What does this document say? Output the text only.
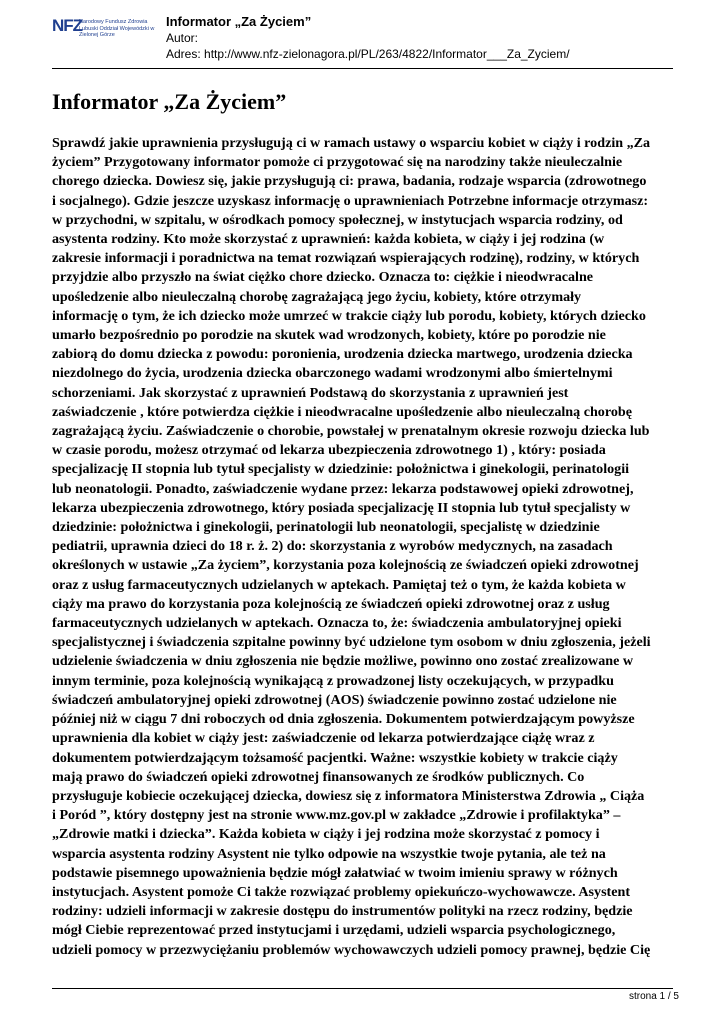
NFZ
Narodowy Fundusz Zdrowia Lubuski Oddział Wojewódzki w Zielonej Górze
Informator „Za Życiem”
Autor:
Adres: http://www.nfz-zielonagora.pl/PL/263/4822/Informator___Za_Zyciem/
Informator „Za Życiem”
Sprawdź jakie uprawnienia przysługują ci w ramach ustawy o wsparciu kobiet w ciąży i rodzin „Za
życiem” Przygotowany informator pomoże ci przygotować się na narodziny także nieuleczalnie
chorego dziecka. Dowiesz się, jakie przysługują ci: prawa, badania, rodzaje wsparcia (zdrowotnego
i socjalnego). Gdzie jeszcze uzyskasz informację o uprawnieniach Potrzebne informacje otrzymasz:
w przychodni, w szpitalu, w ośrodkach pomocy społecznej, w instytucjach wsparcia rodziny, od
asystenta rodziny. Kto może skorzystać z uprawnień: każda kobieta, w ciąży i jej rodzina (w
zakresie informacji i poradnictwa na temat rozwiązań wspierających rodzinę), rodziny, w których
przyjdzie albo przyszło na świat ciężko chore dziecko. Oznacza to: ciężkie i nieodwracalne
upośledzenie albo nieuleczalną chorobę zagrażającą jego życiu, kobiety, które otrzymały
informację o tym, że ich dziecko może umrzeć w trakcie ciąży lub porodu, kobiety, których dziecko
umarło bezpośrednio po porodzie na skutek wad wrodzonych, kobiety, które po porodzie nie
zabiorą do domu dziecka z powodu: poronienia, urodzenia dziecka martwego, urodzenia dziecka
niezdolnego do życia, urodzenia dziecka obarczonego wadami wrodzonymi albo śmiertelnymi
schorzeniami. Jak skorzystać z uprawnień Podstawą do skorzystania z uprawnień jest
zaświadczenie , które potwierdza ciężkie i nieodwracalne upośledzenie albo nieuleczalną chorobę
zagrażającą życiu. Zaświadczenie o chorobie, powstałej w prenatalnym okresie rozwoju dziecka lub
w czasie porodu, możesz otrzymać od lekarza ubezpieczenia zdrowotnego 1) , który: posiada
specjalizację II stopnia lub tytuł specjalisty w dziedzinie: położnictwa i ginekologii, perinatologii
lub neonatologii. Ponadto, zaświadczenie wydane przez: lekarza podstawowej opieki zdrowotnej,
lekarza ubezpieczenia zdrowotnego, który posiada specjalizację II stopnia lub tytuł specjalisty w
dziedzinie: położnictwa i ginekologii, perinatologii lub neonatologii, specjalistę w dziedzinie
pediatrii, uprawnia dzieci do 18 r. ż. 2) do: skorzystania z wyrobów medycznych, na zasadach
określonych w ustawie „Za życiem”, korzystania poza kolejnością ze świadczeń opieki zdrowotnej
oraz z usług farmaceutycznych udzielanych w aptekach. Pamiętaj też o tym, że każda kobieta w
ciąży ma prawo do korzystania poza kolejnością ze świadczeń opieki zdrowotnej oraz z usług
farmaceutycznych udzielanych w aptekach. Oznacza to, że: świadczenia ambulatoryjnej opieki
specjalistycznej i świadczenia szpitalne powinny być udzielone tym osobom w dniu zgłoszenia, jeżeli
udzielenie świadczenia w dniu zgłoszenia nie będzie możliwe, powinno ono zostać zrealizowane w
innym terminie, poza kolejnością wynikającą z prowadzonej listy oczekujących, w przypadku
świadczeń ambulatoryjnej opieki zdrowotnej (AOS) świadczenie powinno zostać udzielone nie
później niż w ciągu 7 dni roboczych od dnia zgłoszenia. Dokumentem potwierdzającym powyższe
uprawnienia dla kobiet w ciąży jest: zaświadczenie od lekarza potwierdzające ciążę wraz z
dokumentem potwierdzającym tożsamość pacjentki. Ważne: wszystkie kobiety w trakcie ciąży
mają prawo do świadczeń opieki zdrowotnej finansowanych ze środków publicznych. Co
przysługuje kobiecie oczekującej dziecka, dowiesz się z informatora Ministerstwa Zdrowia „ Ciąża
i Poród ”, który dostępny jest na stronie www.mz.gov.pl w zakładce „Zdrowie i profilaktyka” –
„Zdrowie matki i dziecka”. Każda kobieta w ciąży i jej rodzina może skorzystać z pomocy i
wsparcia asystenta rodziny Asystent nie tylko odpowie na wszystkie twoje pytania, ale też na
podstawie pisemnego upoważnienia będzie mógł załatwiać w twoim imieniu sprawy w różnych
instytucjach. Asystent pomoże Ci także rozwiązać problemy opiekuńczo-wychowawcze. Asystent
rodziny: udzieli informacji w zakresie dostępu do instrumentów polityki na rzecz rodziny, będzie
mógł Ciebie reprezentować przed instytucjami i urzędami, udzieli wsparcia psychologicznego,
udzieli pomocy w przezwyciężaniu problemów wychowawczych udzieli pomocy prawnej, będzie Cię
strona 1 / 5
